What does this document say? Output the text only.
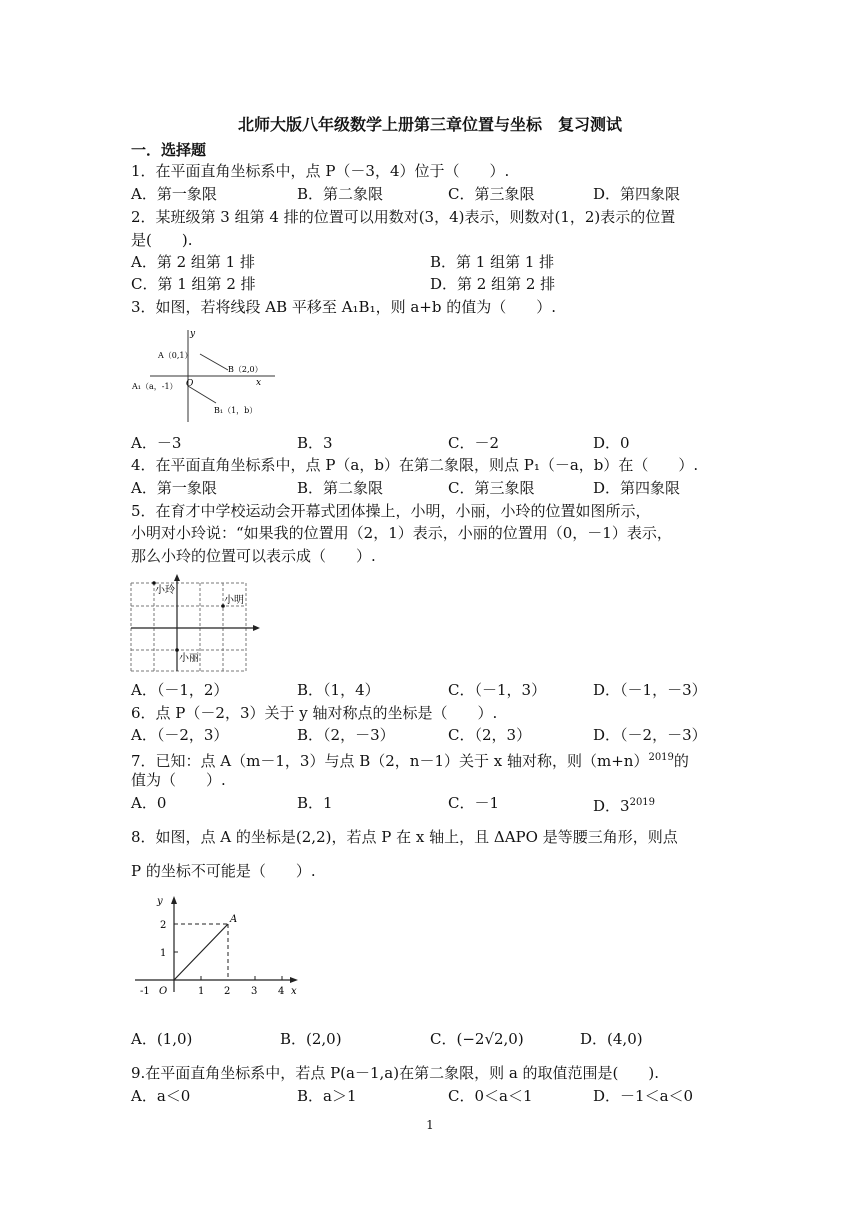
北师大版八年级数学上册第三章位置与坐标　复习测试
一．选择题
1．在平面直角坐标系中，点 P（－3，4）位于（　　）.
A．第一象限	B．第二象限	C．第三象限	D．第四象限
2．某班级第 3 组第 4 排的位置可以用数对(3，4)表示，则数对(1，2)表示的位置
是(　　).
A．第 2 组第 1 排	B．第 1 组第 1 排
C．第 1 组第 2 排	D．第 2 组第 2 排
3．如图，若将线段 AB 平移至 A₁B₁，则 a+b 的值为（　　）.
y
x
O
A（0,1）
B（2,0）
A₁（a，-1）
B₁（1，b）
A．－3	B．3	C．－2	D．0
4．在平面直角坐标系中，点 P（a，b）在第二象限，则点 P₁（－a，b）在（　　）.
A．第一象限	B．第二象限	C．第三象限	D．第四象限
5．在育才中学校运动会开幕式团体操上，小明，小丽，小玲的位置如图所示，
小明对小玲说：“如果我的位置用（2，1）表示，小丽的位置用（0，－1）表示，
那么小玲的位置可以表示成（　　）.
小玲
小明
小丽
A．（－1，2）	B．（1，4）	C．（－1，3）	D．（－1，－3）
6．点 P（－2，3）关于 y 轴对称点的坐标是（　　）.
A．（－2，3）	B．（2，－3）	C．（2，3）	D．（－2，－3）
7．已知：点 A（m－1，3）与点 B（2，n－1）关于 x 轴对称，则$(m+n)^{2019}$的
值为（　　）.
A．0	B．1	C．－1	D．$3^{2019}$
8．如图，点 A 的坐标是(2,2)，若点 P 在 x 轴上，且 ΔAPO 是等腰三角形，则点
P 的坐标不可能是（　　）.
y
x
O
A
2
1
-1	1 2 3 4
A．(1,0)	B．(2,0)	C．(−2√2,0)	D．(4,0)
9.在平面直角坐标系中，若点 P(a－1,a)在第二象限，则 a 的取值范围是(　　).
A．a＜0	B．a＞1	C．0＜a＜1	D．－1＜a＜0
1
